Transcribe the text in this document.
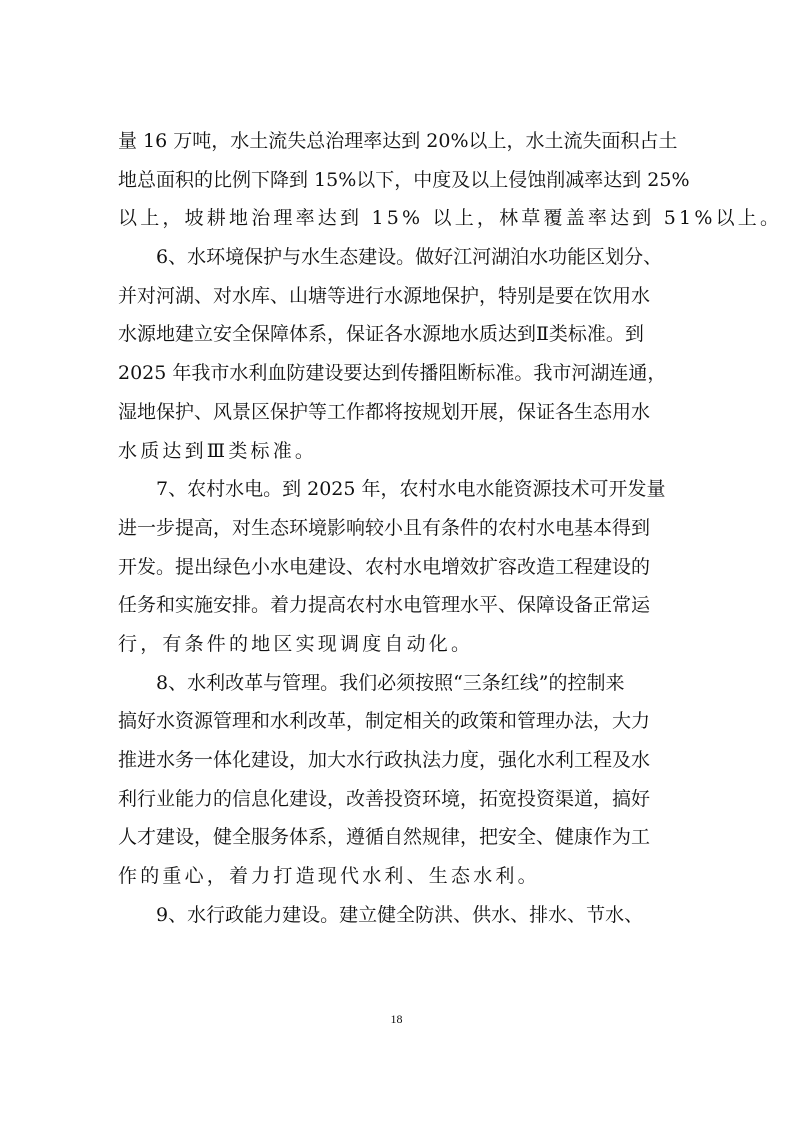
量 16 万吨，水土流失总治理率达到 20%以上，水土流失面积占土
地总面积的比例下降到 15%以下，中度及以上侵蚀削减率达到 25%
以上，坡耕地治理率达到 15% 以上，林草覆盖率达到 51%以上。
6、水环境保护与水生态建设。做好江河湖泊水功能区划分、
并对河湖、对水库、山塘等进行水源地保护，特别是要在饮用水
水源地建立安全保障体系，保证各水源地水质达到Ⅱ类标准。到
2025 年我市水利血防建设要达到传播阻断标准。我市河湖连通，
湿地保护、风景区保护等工作都将按规划开展，保证各生态用水
水质达到Ⅲ类标准。
7、农村水电。到 2025 年，农村水电水能资源技术可开发量
进一步提高，对生态环境影响较小且有条件的农村水电基本得到
开发。提出绿色小水电建设、农村水电增效扩容改造工程建设的
任务和实施安排。着力提高农村水电管理水平、保障设备正常运
行，有条件的地区实现调度自动化。
8、水利改革与管理。我们必须按照“三条红线”的控制来
搞好水资源管理和水利改革，制定相关的政策和管理办法，大力
推进水务一体化建设，加大水行政执法力度，强化水利工程及水
利行业能力的信息化建设，改善投资环境，拓宽投资渠道，搞好
人才建设，健全服务体系，遵循自然规律，把安全、健康作为工
作的重心，着力打造现代水利、生态水利。
9、水行政能力建设。建立健全防洪、供水、排水、节水、
18
